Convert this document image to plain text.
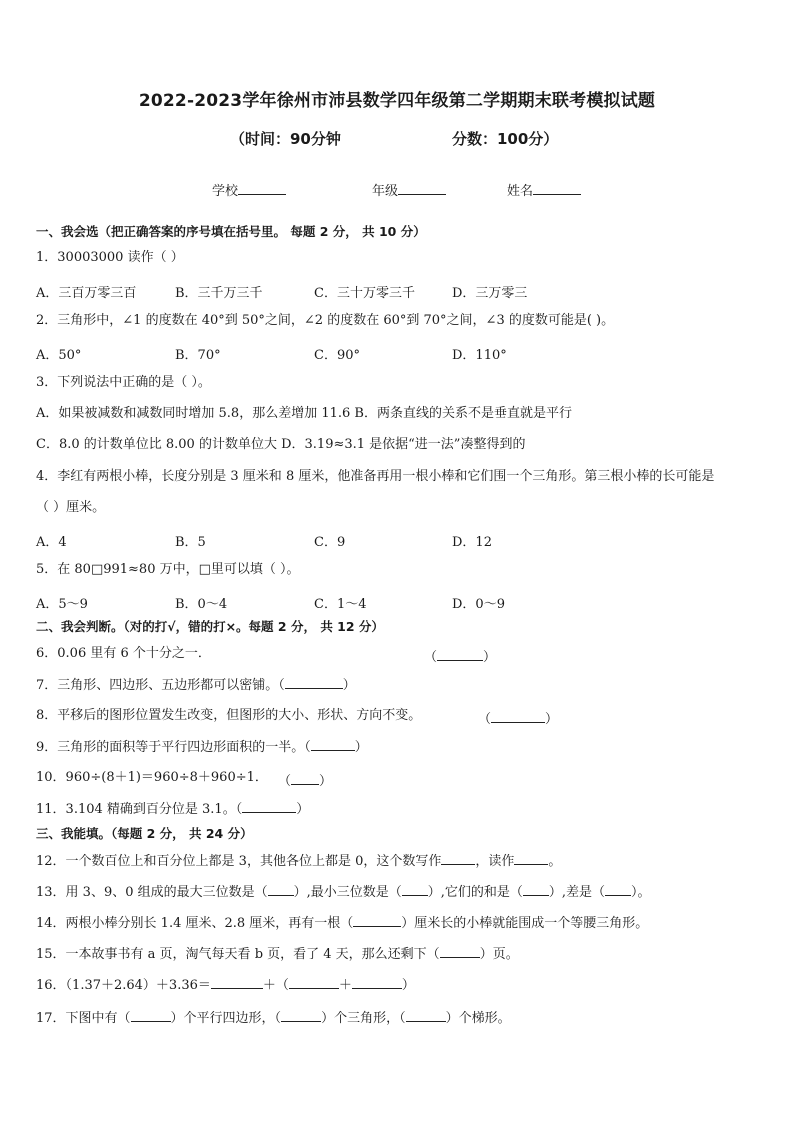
2022-2023学年徐州市沛县数学四年级第二学期期末联考模拟试题
（时间：90分钟	分数：100分）
学校	年级	姓名
一、我会选（把正确答案的序号填在括号里。 每题 2 分， 共 10 分）
1．30003000 读作（ ）
A．三百万零三百	B．三千万三千	C．三十万零三千	D．三万零三
2．三角形中，∠1 的度数在 40°到 50°之间，∠2 的度数在 60°到 70°之间，∠3 的度数可能是( )。
A．50°	B．70°	C．90°	D．110°
3．下列说法中正确的是（ ）。
A．如果被减数和减数同时增加 5.8，那么差增加 11.6 B．两条直线的关系不是垂直就是平行
C．8.0 的计数单位比 8.00 的计数单位大 D．3.19≈3.1 是依据“进一法”凑整得到的
4．李红有两根小棒，长度分别是 3 厘米和 8 厘米，他准备再用一根小棒和它们围一个三角形。第三根小棒的长可能是
（ ）厘米。
A．4	B．5	C．9	D．12
5．在 80□991≈80 万中，□里可以填（ ）。
A．5～9	B．0～4	C．1～4	D．0～9
二、我会判断。（对的打√，错的打×。每题 2 分， 共 12 分）
6．0.06 里有 6 个十分之一．	（	）
7．三角形、四边形、五边形都可以密铺。（	）
8．平移后的图形位置发生改变，但图形的大小、形状、方向不变。	（	）
9．三角形的面积等于平行四边形面积的一半。（	）
10．960÷(8＋1)＝960÷8＋960÷1． （ ）
11．3.104 精确到百分位是 3.1。（	）
三、我能填。（每题 2 分， 共 24 分）
12．一个数百位上和百分位上都是 3，其他各位上都是 0，这个数写作	，读作	。
13．用 3、9、0 组成的最大三位数是（ ）,最小三位数是（ ）,它们的和是（ ）,差是（ ）。
14．两根小棒分别长 1.4 厘米、2.8 厘米，再有一根（	）厘米长的小棒就能围成一个等腰三角形。
15．一本故事书有 a 页，淘气每天看 b 页，看了 4 天，那么还剩下（	）页。
16．（1.37＋2.64）＋3.36＝	＋（	＋	）
17．下图中有（	）个平行四边形，（	）个三角形，（	）个梯形。
